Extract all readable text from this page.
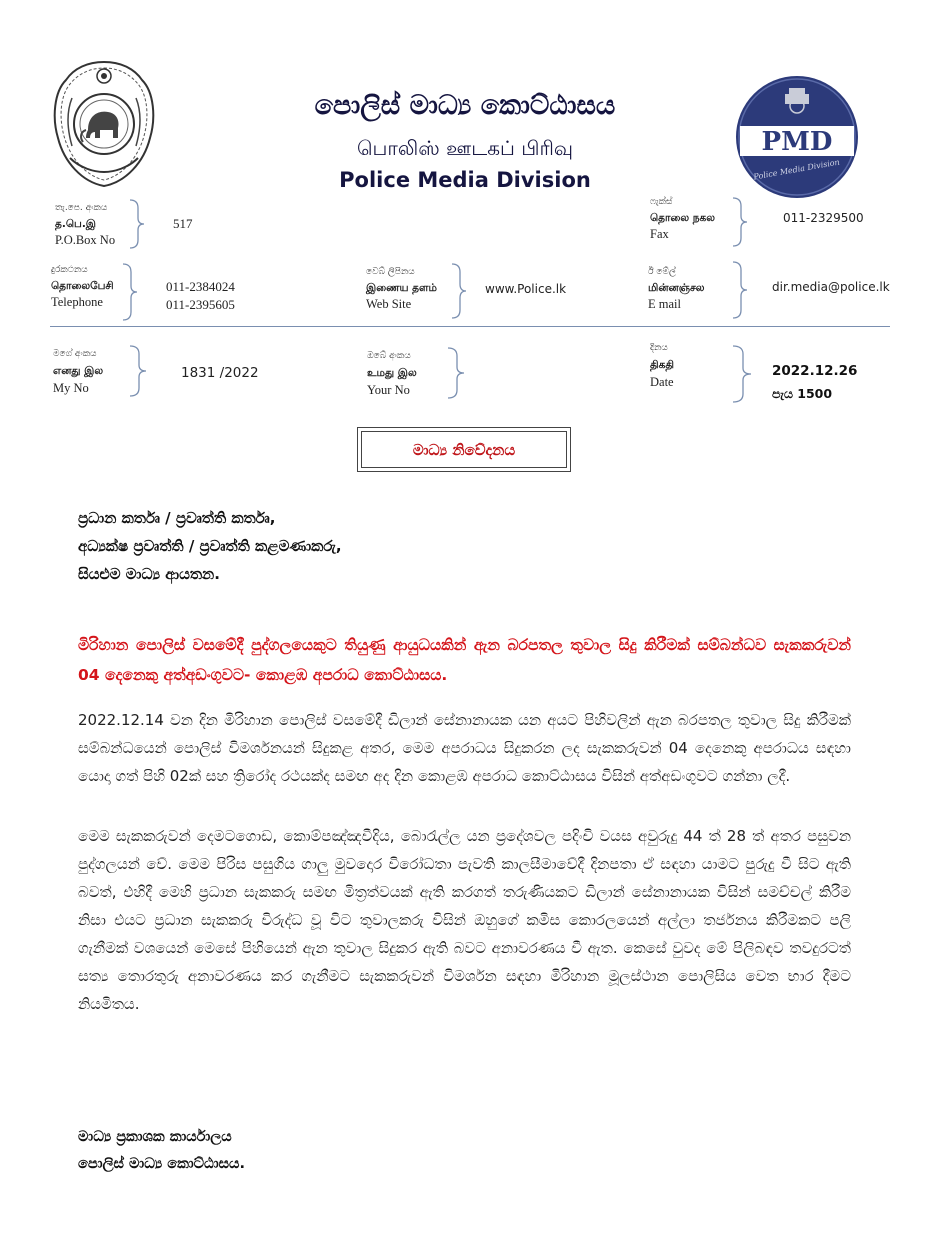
PMD
Police Media Division
පොලිස් මාධ්‍ය කොට්ඨාසය
பொலிஸ் ஊடகப் பிரிவு
Police Media Division
තැ.පෙ. අංකය
த.பெ.இ
P.O.Box No
517
ෆැක්ස්
தொலை நகல
Fax
011-2329500
දුරකථනය
தொலைபேசி
Telephone
011-2384024
011-2395605
වෙබ් ලිපිනය
இணைய தளம்
Web Site
www.Police.lk
ඊ මේල්
மின்னஞ்சல
E mail
dir.media@police.lk
මගේ අංකය
எனது இல
My No
1831 /2022
ඔබේ අංකය
உமது இல
Your No
දිනය
திகதி
Date
2022.12.26
පැය 1500
මාධ්‍ය නිවේදනය
ප්‍රධාන කර්තෘ / ප්‍රවෘත්ති කර්තෘ,
අධ්‍යක්ෂ ප්‍රවෘත්ති / ප්‍රවෘත්ති කළමණාකරු,
සියළුම මාධ්‍ය ආයතන.
මිරිහාන පොලිස් වසමේදී පුද්ගලයෙකුට තියුණු ආයුධයකින් ඇන බරපතල තුවාල සිදු කිරීමක් සම්බන්ධව සැකකරුවන් 04 දෙනෙකු අත්අඩංගුවට- කොළඹ අපරාධ කොට්ඨාසය.
2022.12.14 වන දින මිරිහාන පොලිස් වසමේදී ඩිලාන් සේනානායක යන අයට පිහිවලින් ඇන බරපතල තුවාල සිදු කිරීමක් සම්බන්ධයෙන් පොලිස් විමර්ශනයන් සිදුකළ අතර, මෙම අපරාධය සිදුකරන ලද සැකකරුවන් 04 දෙනෙකු අපරාධය සඳහා යොදා ගත් පිහි 02ක් සහ ත්‍රිරෝද රථයක්ද සමඟ අද දින කොළඹ අපරාධ කොට්ඨාසය විසින් අත්අඩංගුවට ගන්නා ලදී.
මෙම සැකකරුවන් දෙමටගොඩ, කොම්පඤ්ඤවීදිය, බොරැල්ල යන ප්‍රදේශවල පදිංචි වයස අවුරුදු 44 ත් 28 ත් අතර පසුවන පුද්ගලයන් වේ. මෙම පිරිස පසුගිය ගාලු මුවදොර විරෝධතා පැවති කාලසීමාවේදී දිනපතා ඒ සඳහා යාමට පුරුදු වී සිට ඇති බවත්, එහිදී මෙහි ප්‍රධාන සැකකරු සමඟ මිත්‍රත්වයක් ඇති කරගත් තරුණියකට ඩිලාන් සේනානායක විසින් සමච්චල් කිරීම නිසා එයට ප්‍රධාන සැකකරු විරුද්ධ වූ විට තුවාලකරු විසින් ඔහුගේ කමිස කොරලයෙන් අල්ලා තර්ජනය කිරීමකට පලි ගැනීමක් වශයෙන් මෙසේ පිහියෙන් ඇන තුවාල සිදුකර ඇති බවට අනාවරණය වී ඇත. කෙසේ වුවද මේ පිලිබඳව තවදුරටත් සත්‍ය තොරතුරු අනාවරණය කර ගැනීමට සැකකරුවන් විමර්ශන සඳහා මිරිහාන මූලස්ථාන පොලිසිය වෙත භාර දීමට නියමිතය.
මාධ්‍ය ප්‍රකාශක කාර්යාලය
පොලිස් මාධ්‍ය කොට්ඨාසය.
